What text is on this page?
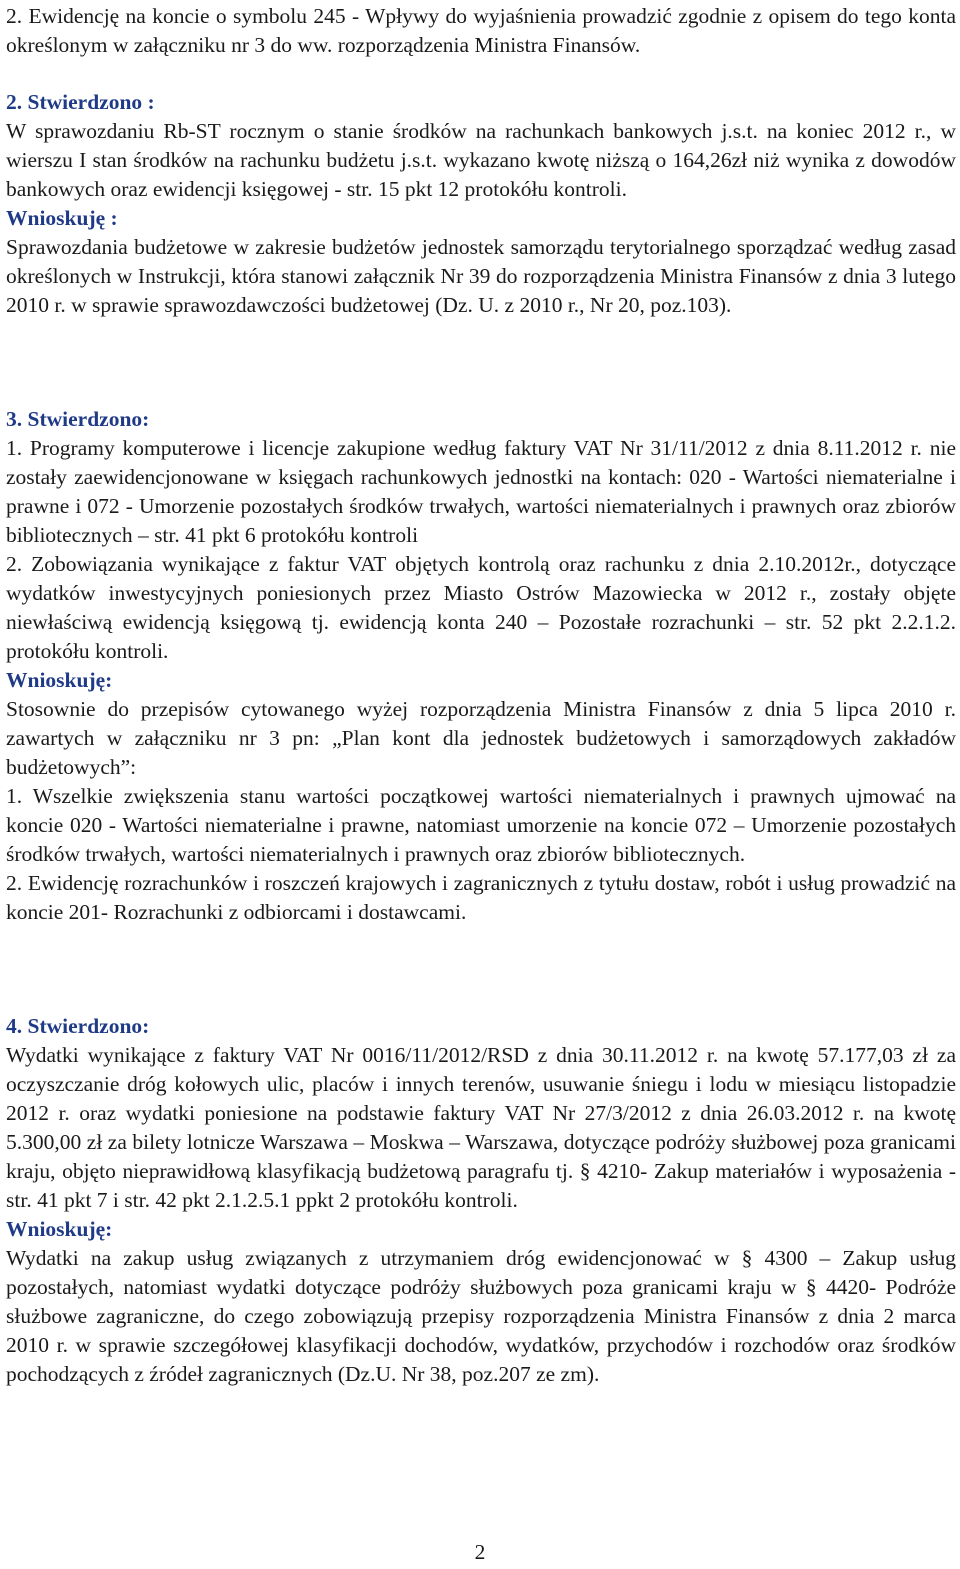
2. Ewidencję na koncie o symbolu 245 - Wpływy do wyjaśnienia prowadzić zgodnie z opisem do tego konta określonym w załączniku nr 3 do ww. rozporządzenia Ministra Finansów.

2. Stwierdzono :

W sprawozdaniu Rb-ST rocznym o stanie środków na rachunkach bankowych j.s.t. na koniec 2012 r., w wierszu I stan środków na rachunku budżetu j.s.t. wykazano kwotę niższą o 164,26zł niż wynika z dowodów bankowych oraz ewidencji księgowej - str. 15 pkt 12 protokółu kontroli.

Wnioskuję :

Sprawozdania budżetowe w zakresie budżetów jednostek samorządu terytorialnego sporządzać według zasad określonych w Instrukcji, która stanowi załącznik Nr 39 do rozporządzenia Ministra Finansów z dnia 3 lutego 2010 r. w sprawie sprawozdawczości budżetowej (Dz. U. z 2010 r., Nr 20, poz.103).

3. Stwierdzono:

1. Programy komputerowe i licencje zakupione według faktury VAT Nr 31/11/2012 z dnia 8.11.2012 r. nie zostały zaewidencjonowane w księgach rachunkowych jednostki na kontach: 020 - Wartości niematerialne i prawne i 072 - Umorzenie pozostałych środków trwałych, wartości niematerialnych i prawnych oraz zbiorów bibliotecznych – str. 41 pkt 6 protokółu kontroli

2. Zobowiązania wynikające z faktur VAT objętych kontrolą oraz rachunku z dnia 2.10.2012r., dotyczące wydatków inwestycyjnych poniesionych przez Miasto Ostrów Mazowiecka w 2012 r., zostały objęte niewłaściwą ewidencją księgową tj. ewidencją konta 240 – Pozostałe rozrachunki – str. 52 pkt 2.2.1.2. protokółu kontroli.

Wnioskuję:

Stosownie do przepisów cytowanego wyżej rozporządzenia Ministra Finansów z dnia 5 lipca 2010 r. zawartych w załączniku nr 3 pn: „Plan kont dla jednostek budżetowych i samorządowych zakładów budżetowych”:

1. Wszelkie zwiększenia stanu wartości początkowej wartości niematerialnych i prawnych ujmować na koncie 020 - Wartości niematerialne i prawne, natomiast umorzenie na koncie 072 – Umorzenie pozostałych środków trwałych, wartości niematerialnych i prawnych oraz zbiorów bibliotecznych.

2. Ewidencję rozrachunków i roszczeń krajowych i zagranicznych z tytułu dostaw, robót i usług prowadzić na koncie 201- Rozrachunki z odbiorcami i dostawcami.

4. Stwierdzono:

Wydatki wynikające z faktury VAT Nr 0016/11/2012/RSD z dnia 30.11.2012 r. na kwotę 57.177,03 zł za oczyszczanie dróg kołowych ulic, placów i innych terenów, usuwanie śniegu i lodu w miesiącu listopadzie 2012 r. oraz wydatki poniesione na podstawie faktury VAT Nr 27/3/2012 z dnia 26.03.2012 r. na kwotę 5.300,00 zł za bilety lotnicze Warszawa – Moskwa – Warszawa, dotyczące podróży służbowej poza granicami kraju, objęto nieprawidłową klasyfikacją budżetową paragrafu tj. § 4210- Zakup materiałów i wyposażenia - str. 41 pkt 7 i str. 42 pkt 2.1.2.5.1 ppkt 2 protokółu kontroli.

Wnioskuję:

Wydatki na zakup usług związanych z utrzymaniem dróg ewidencjonować w § 4300 – Zakup usług pozostałych, natomiast wydatki dotyczące podróży służbowych poza granicami kraju w § 4420- Podróże służbowe zagraniczne, do czego zobowiązują przepisy rozporządzenia Ministra Finansów z dnia 2 marca 2010 r. w sprawie szczegółowej klasyfikacji dochodów, wydatków, przychodów i rozchodów oraz środków pochodzących z źródeł zagranicznych (Dz.U. Nr 38, poz.207 ze zm).

2
